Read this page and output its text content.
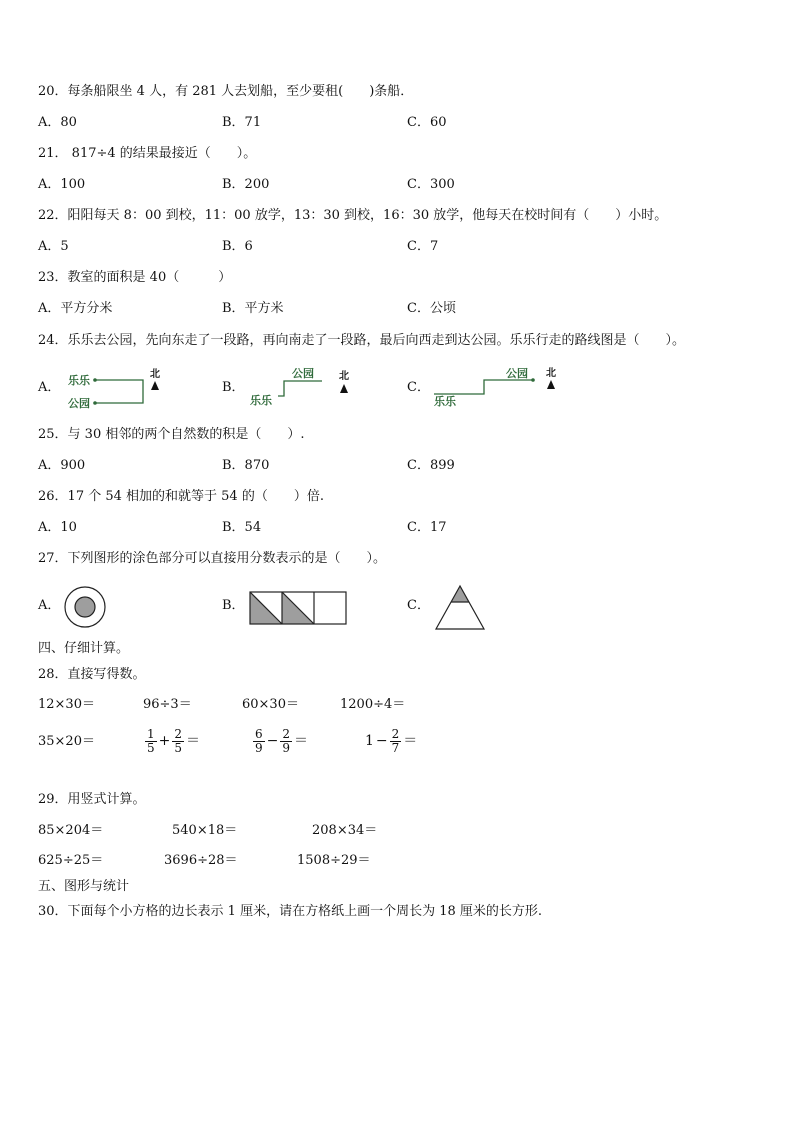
20．每条船限坐 4 人，有 281 人去划船，至少要租(　　)条船．
A．80	B．71	C．60
21． 817÷4 的结果最接近（　　）。
A．100	B．200	C．300
22．阳阳每天 8：00 到校，11：00 放学，13：30 到校，16：30 放学，他每天在校时间有（　　）小时。
A．5	B．6	C．7
23．教室的面积是 40（　　　）
A．平方分米	B．平方米	C．公顷
24．乐乐去公园，先向东走了一段路，再向南走了一段路，最后向西走到达公园。乐乐行走的路线图是（　　）。
A． 乐乐
公园
北
B．
乐乐
公园	北
C．
乐乐
公园 北
25．与 30 相邻的两个自然数的积是（　　）.
A．900	B．870	C．899
26．17 个 54 相加的和就等于 54 的（　　）倍.
A．10	B．54	C．17
27．下列图形的涂色部分可以直接用分数表示的是（　　）。
A．	B．	C．
四、仔细计算。
28．直接写得数。
12×30＝	96÷3＝	60×30＝	1200÷4＝
35×20＝	$\frac{1}{5} + \frac{2}{5}$ ＝	$\frac{6}{9} - \frac{2}{9}$ ＝	$1 - \frac{2}{7}$ ＝
29．用竖式计算。
85×204＝	540×18＝	208×34＝
625÷25＝	3696÷28＝	1508÷29＝
五、图形与统计
30．下面每个小方格的边长表示 1 厘米，请在方格纸上画一个周长为 18 厘米的长方形.
